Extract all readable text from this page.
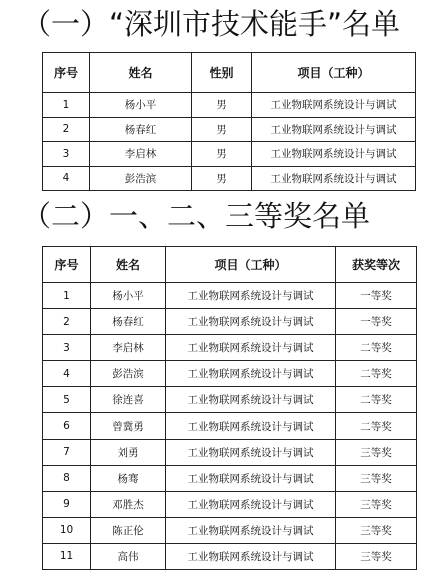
（一）“深圳市技术能手”名单
序号	姓名	性别	项目（工种）
1	杨小平	男	工业物联网系统设计与调试
2	杨春红	男	工业物联网系统设计与调试
3	李启林	男	工业物联网系统设计与调试
4	彭浩滨	男	工业物联网系统设计与调试
（二）一、二、三等奖名单
序号	姓名	项目（工种）	获奖等次
1	杨小平	工业物联网系统设计与调试	一等奖
2	杨春红	工业物联网系统设计与调试	一等奖
3	李启林	工业物联网系统设计与调试	二等奖
4	彭浩滨	工业物联网系统设计与调试	二等奖
5	徐连喜	工业物联网系统设计与调试	二等奖
6	曾冀勇	工业物联网系统设计与调试	二等奖
7	刘勇	工业物联网系统设计与调试	三等奖
8	杨骞	工业物联网系统设计与调试	三等奖
9	邓胜杰	工业物联网系统设计与调试	三等奖
10	陈正伦	工业物联网系统设计与调试	三等奖
11	高伟	工业物联网系统设计与调试	三等奖
